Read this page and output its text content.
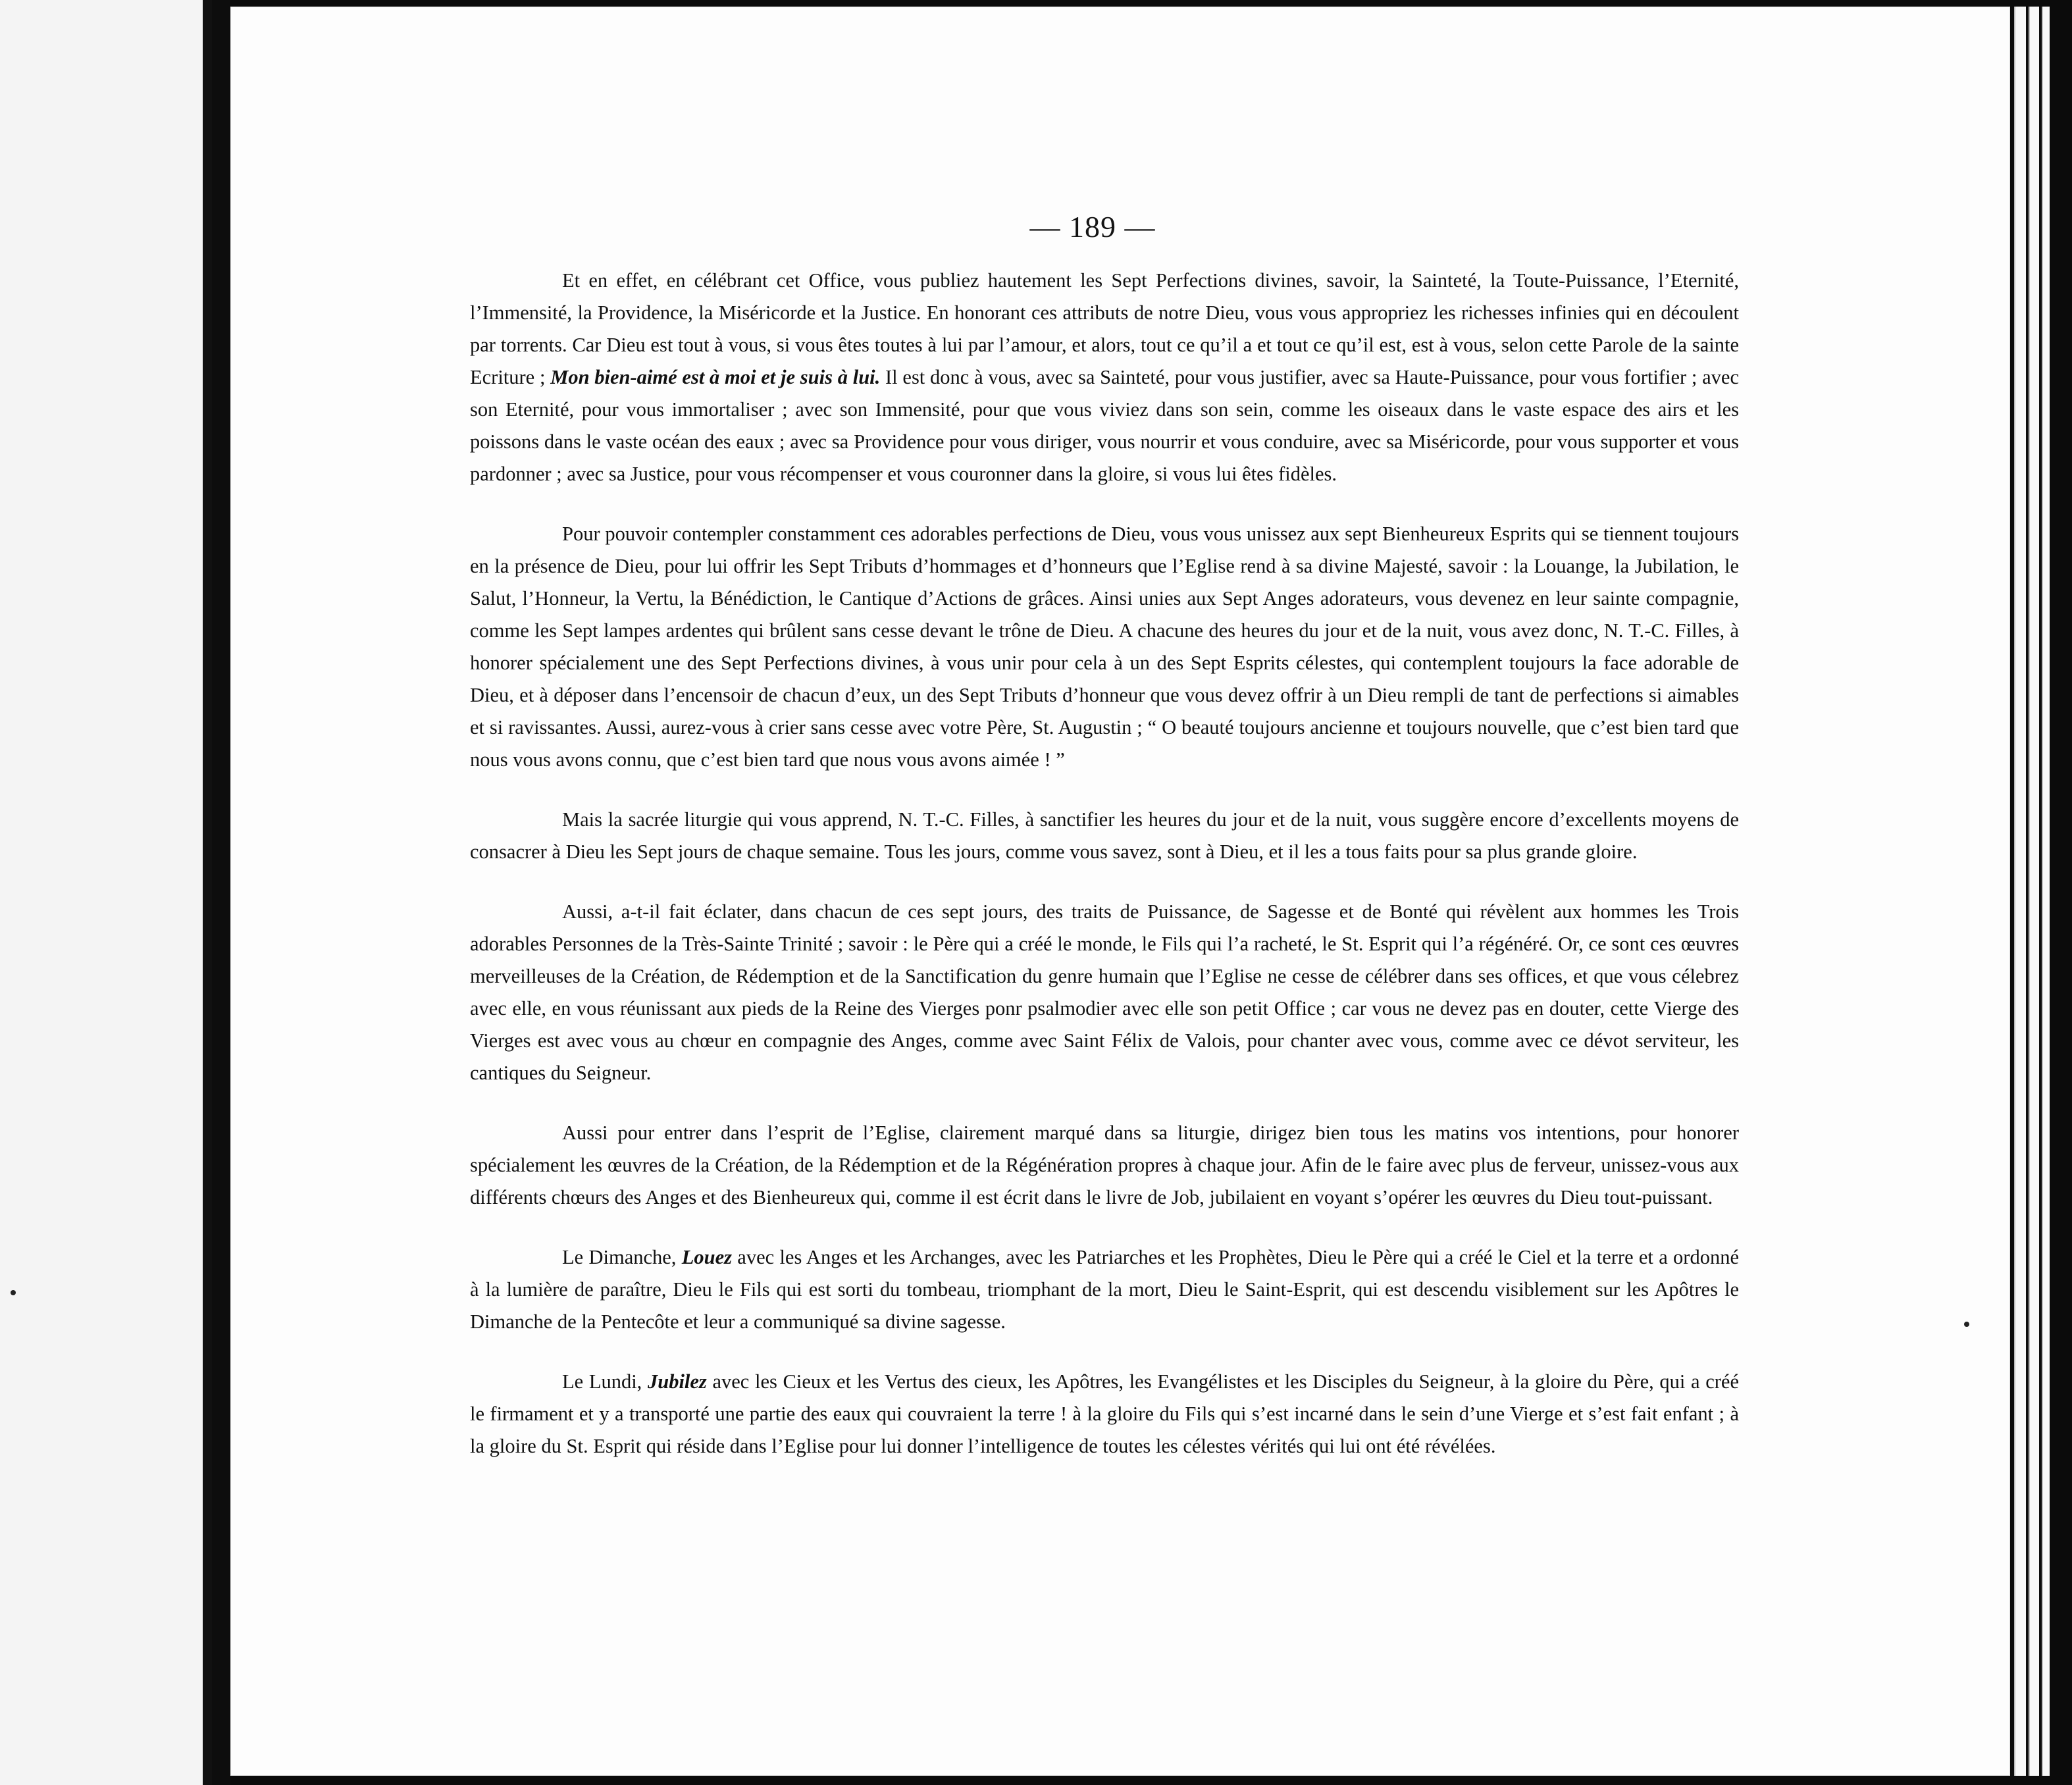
— 189 —

Et en effet, en célébrant cet Office, vous publiez hautement les Sept Perfections divines, savoir, la Sainteté, la Toute-Puissance, l’Eternité, l’Immensité, la Providence, la Miséricorde et la Justice. En honorant ces attributs de notre Dieu, vous vous appropriez les richesses infinies qui en découlent par torrents. Car Dieu est tout à vous, si vous êtes toutes à lui par l’amour, et alors, tout ce qu’il a et tout ce qu’il est, est à vous, selon cette Parole de la sainte Ecriture ; Mon bien-aimé est à moi et je suis à lui. Il est donc à vous, avec sa Sainteté, pour vous justifier, avec sa Haute-Puissance, pour vous fortifier ; avec son Eternité, pour vous immortaliser ; avec son Immensité, pour que vous viviez dans son sein, comme les oiseaux dans le vaste espace des airs et les poissons dans le vaste océan des eaux ; avec sa Providence pour vous diriger, vous nourrir et vous conduire, avec sa Miséricorde, pour vous supporter et vous pardonner ; avec sa Justice, pour vous récompenser et vous couronner dans la gloire, si vous lui êtes fidèles.

Pour pouvoir contempler constamment ces adorables perfections de Dieu, vous vous unissez aux sept Bienheureux Esprits qui se tiennent toujours en la présence de Dieu, pour lui offrir les Sept Tributs d’hommages et d’honneurs que l’Eglise rend à sa divine Majesté, savoir : la Louange, la Jubilation, le Salut, l’Honneur, la Vertu, la Bénédiction, le Cantique d’Actions de grâces. Ainsi unies aux Sept Anges adorateurs, vous devenez en leur sainte compagnie, comme les Sept lampes ardentes qui brûlent sans cesse devant le trône de Dieu. A chacune des heures du jour et de la nuit, vous avez donc, N. T.-C. Filles, à honorer spécialement une des Sept Perfections divines, à vous unir pour cela à un des Sept Esprits célestes, qui contemplent toujours la face adorable de Dieu, et à déposer dans l’encensoir de chacun d’eux, un des Sept Tributs d’honneur que vous devez offrir à un Dieu rempli de tant de perfections si aimables et si ravissantes. Aussi, aurez-vous à crier sans cesse avec votre Père, St. Augustin ; “ O beauté toujours ancienne et toujours nouvelle, que c’est bien tard que nous vous avons connu, que c’est bien tard que nous vous avons aimée ! ”

Mais la sacrée liturgie qui vous apprend, N. T.-C. Filles, à sanctifier les heures du jour et de la nuit, vous suggère encore d’excellents moyens de consacrer à Dieu les Sept jours de chaque semaine. Tous les jours, comme vous savez, sont à Dieu, et il les a tous faits pour sa plus grande gloire.

Aussi, a-t-il fait éclater, dans chacun de ces sept jours, des traits de Puissance, de Sagesse et de Bonté qui révèlent aux hommes les Trois adorables Personnes de la Très-Sainte Trinité ; savoir : le Père qui a créé le monde, le Fils qui l’a racheté, le St. Esprit qui l’a régénéré. Or, ce sont ces œuvres merveilleuses de la Création, de Rédemption et de la Sanctification du genre humain que l’Eglise ne cesse de célébrer dans ses offices, et que vous célebrez avec elle, en vous réunissant aux pieds de la Reine des Vierges ponr psalmodier avec elle son petit Office ; car vous ne devez pas en douter, cette Vierge des Vierges est avec vous au chœur en compagnie des Anges, comme avec Saint Félix de Valois, pour chanter avec vous, comme avec ce dévot serviteur, les cantiques du Seigneur.

Aussi pour entrer dans l’esprit de l’Eglise, clairement marqué dans sa liturgie, dirigez bien tous les matins vos intentions, pour honorer spécialement les œuvres de la Création, de la Rédemption et de la Régénération propres à chaque jour. Afin de le faire avec plus de ferveur, unissez-vous aux différents chœurs des Anges et des Bienheureux qui, comme il est écrit dans le livre de Job, jubilaient en voyant s’opérer les œuvres du Dieu tout-puissant.

Le Dimanche, Louez avec les Anges et les Archanges, avec les Patriarches et les Prophètes, Dieu le Père qui a créé le Ciel et la terre et a ordonné à la lumière de paraître, Dieu le Fils qui est sorti du tombeau, triomphant de la mort, Dieu le Saint-Esprit, qui est descendu visiblement sur les Apôtres le Dimanche de la Pentecôte et leur a communiqué sa divine sagesse.

Le Lundi, Jubilez avec les Cieux et les Vertus des cieux, les Apôtres, les Evangélistes et les Disciples du Seigneur, à la gloire du Père, qui a créé le firmament et y a transporté une partie des eaux qui couvraient la terre ! à la gloire du Fils qui s’est incarné dans le sein d’une Vierge et s’est fait enfant ; à la gloire du St. Esprit qui réside dans l’Eglise pour lui donner l’intelligence de toutes les célestes vérités qui lui ont été révélées.
